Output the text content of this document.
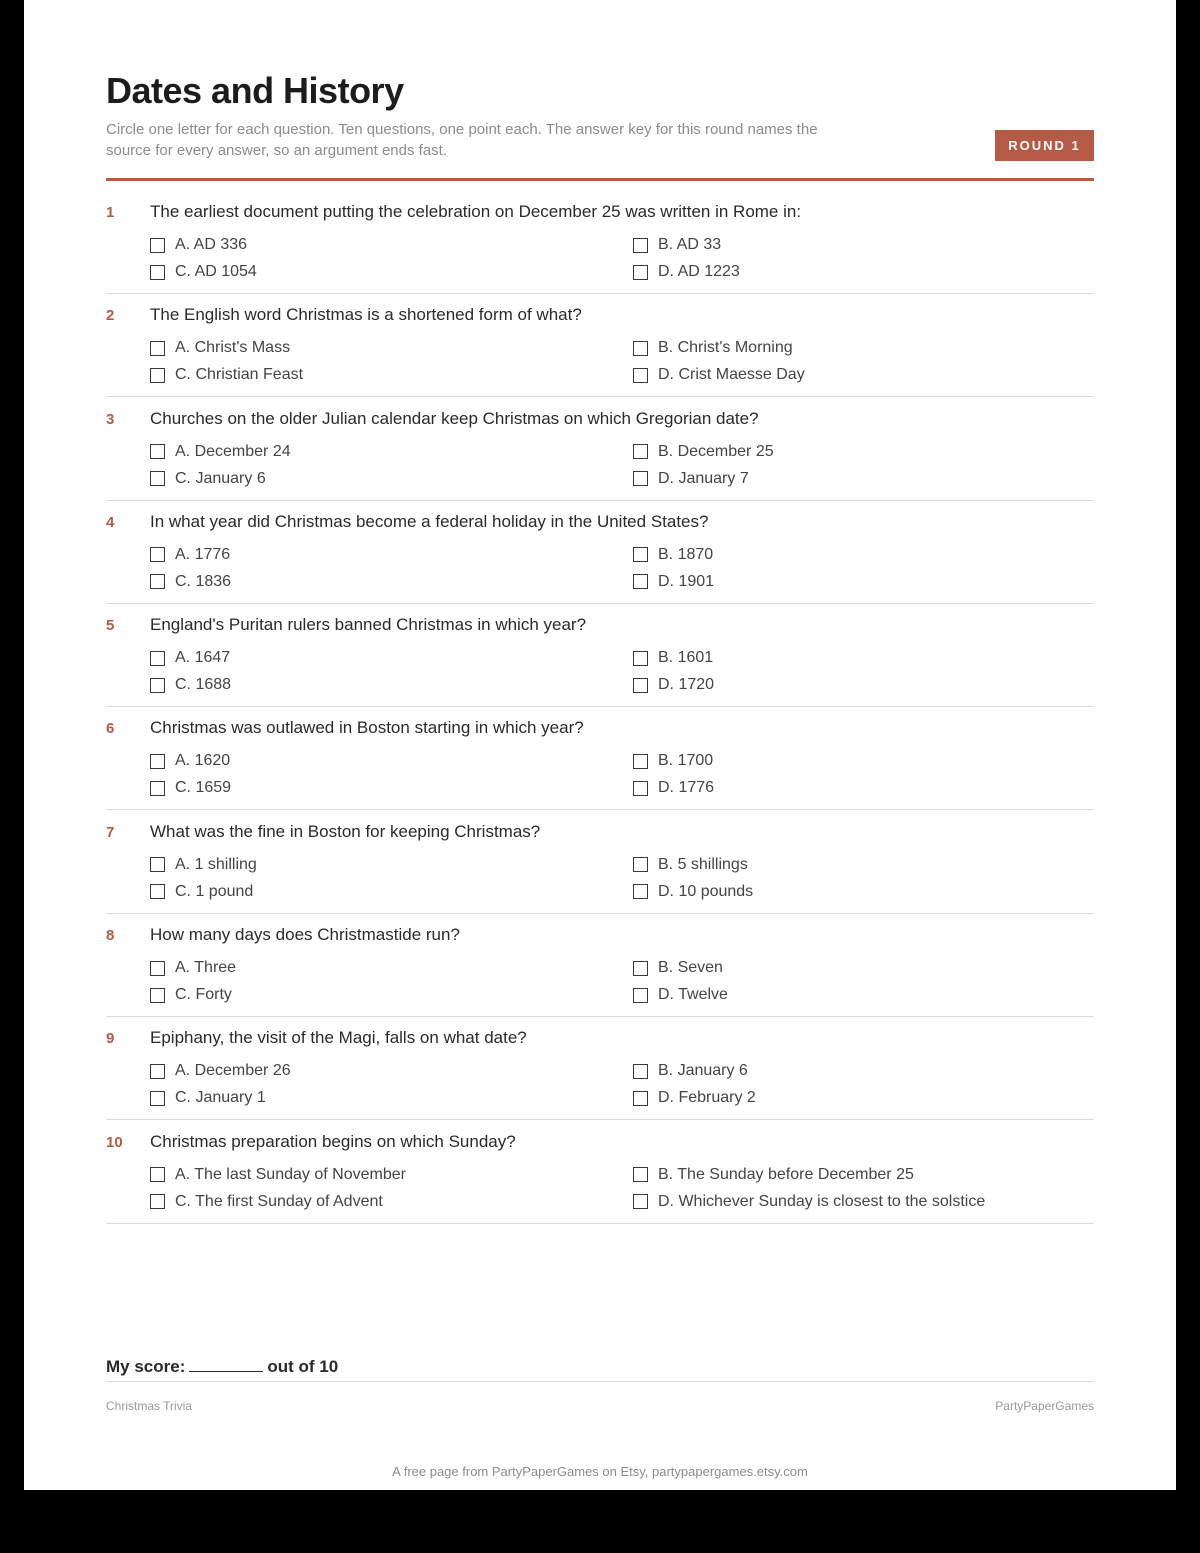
Dates and History
Circle one letter for each question. Ten questions, one point each. The answer key for this round names the source for every answer, so an argument ends fast.	ROUND 1
1	The earliest document putting the celebration on December 25 was written in Rome in:
A. AD 336	B. AD 33
C. AD 1054	D. AD 1223
2	The English word Christmas is a shortened form of what?
A. Christ's Mass	B. Christ's Morning
C. Christian Feast	D. Crist Maesse Day
3	Churches on the older Julian calendar keep Christmas on which Gregorian date?
A. December 24	B. December 25
C. January 6	D. January 7
4	In what year did Christmas become a federal holiday in the United States?
A. 1776	B. 1870
C. 1836	D. 1901
5	England's Puritan rulers banned Christmas in which year?
A. 1647	B. 1601
C. 1688	D. 1720
6	Christmas was outlawed in Boston starting in which year?
A. 1620	B. 1700
C. 1659	D. 1776
7	What was the fine in Boston for keeping Christmas?
A. 1 shilling	B. 5 shillings
C. 1 pound	D. 10 pounds
8	How many days does Christmastide run?
A. Three	B. Seven
C. Forty	D. Twelve
9	Epiphany, the visit of the Magi, falls on what date?
A. December 26	B. January 6
C. January 1	D. February 2
10	Christmas preparation begins on which Sunday?
A. The last Sunday of November	B. The Sunday before December 25
C. The first Sunday of Advent	D. Whichever Sunday is closest to the solstice
My score:	out of 10
Christmas Trivia	PartyPaperGames
A free page from PartyPaperGames on Etsy, partypapergames.etsy.com
